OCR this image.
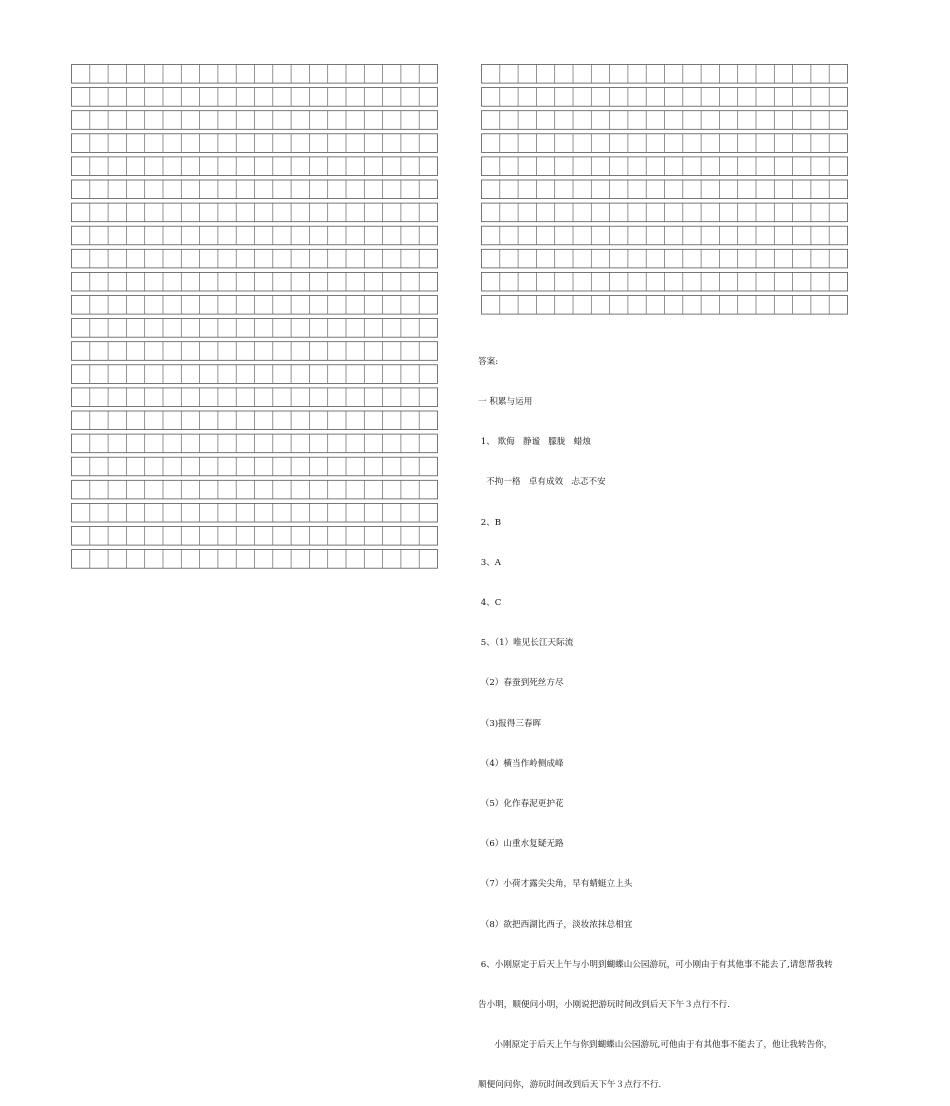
答案:

一 积累与运用

1、 欺侮   静谧   朦胧   蜡烛

不拘一格   卓有成效   忐忑不安

2、B

3、A

4、C

5、（1）唯见长江天际流

（2）春蚕到死丝方尽

（3)报得三春晖

（4）横当作岭侧成峰

（5）化作春泥更护花

（6）山重水复疑无路

（7）小荷才露尖尖角，早有蜻蜓立上头

（8）欲把西湖比西子，淡妆浓抹总相宜

6、小刚原定于后天上午与小明到蝴蝶山公园游玩，可小刚由于有其他事不能去了,请您帮我转

告小明，顺便问小明，小刚说把游玩时间改到后天下午３点行不行.

小刚原定于后天上午与你到蝴蝶山公园游玩,可他由于有其他事不能去了，他让我转告你，

顺便问问你，游玩时间改到后天下午３点行不行.
